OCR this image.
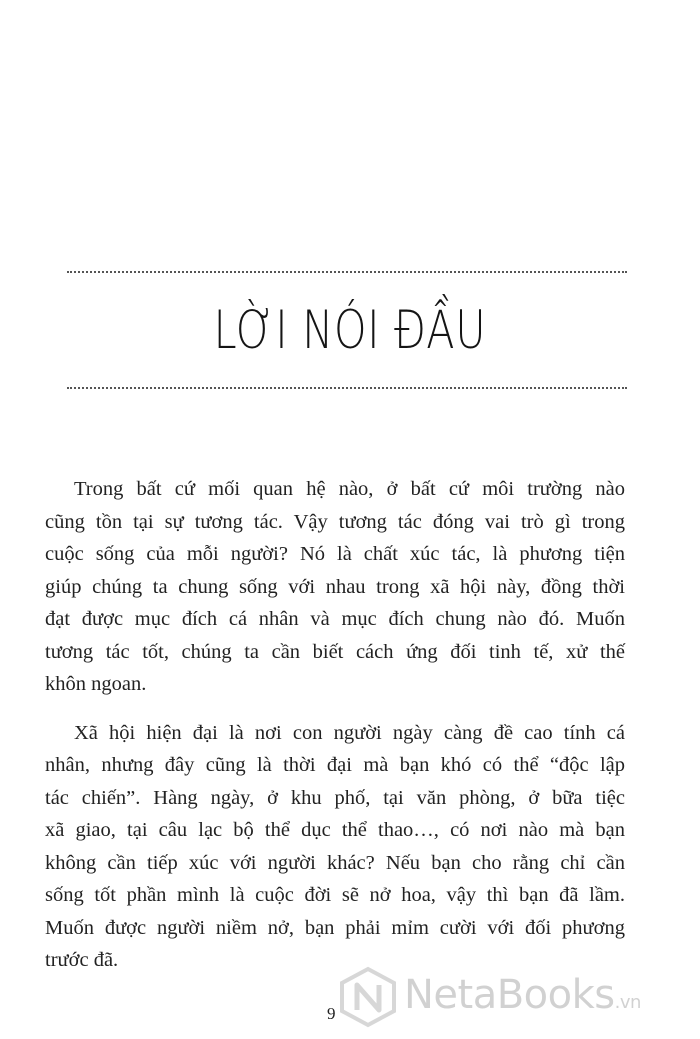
LỜI NÓI ĐẦU

Trong bất cứ mối quan hệ nào, ở bất cứ môi trường nào
cũng tồn tại sự tương tác. Vậy tương tác đóng vai trò gì trong
cuộc sống của mỗi người? Nó là chất xúc tác, là phương tiện
giúp chúng ta chung sống với nhau trong xã hội này, đồng thời
đạt được mục đích cá nhân và mục đích chung nào đó. Muốn
tương tác tốt, chúng ta cần biết cách ứng đối tinh tế, xử thế
khôn ngoan.

Xã hội hiện đại là nơi con người ngày càng đề cao tính cá
nhân, nhưng đây cũng là thời đại mà bạn khó có thể “độc lập
tác chiến”. Hàng ngày, ở khu phố, tại văn phòng, ở bữa tiệc
xã giao, tại câu lạc bộ thể dục thể thao…, có nơi nào mà bạn
không cần tiếp xúc với người khác? Nếu bạn cho rằng chỉ cần
sống tốt phần mình là cuộc đời sẽ nở hoa, vậy thì bạn đã lầm.
Muốn được người niềm nở, bạn phải mỉm cười với đối phương
trước đã.

9 NetaBooks.vn
